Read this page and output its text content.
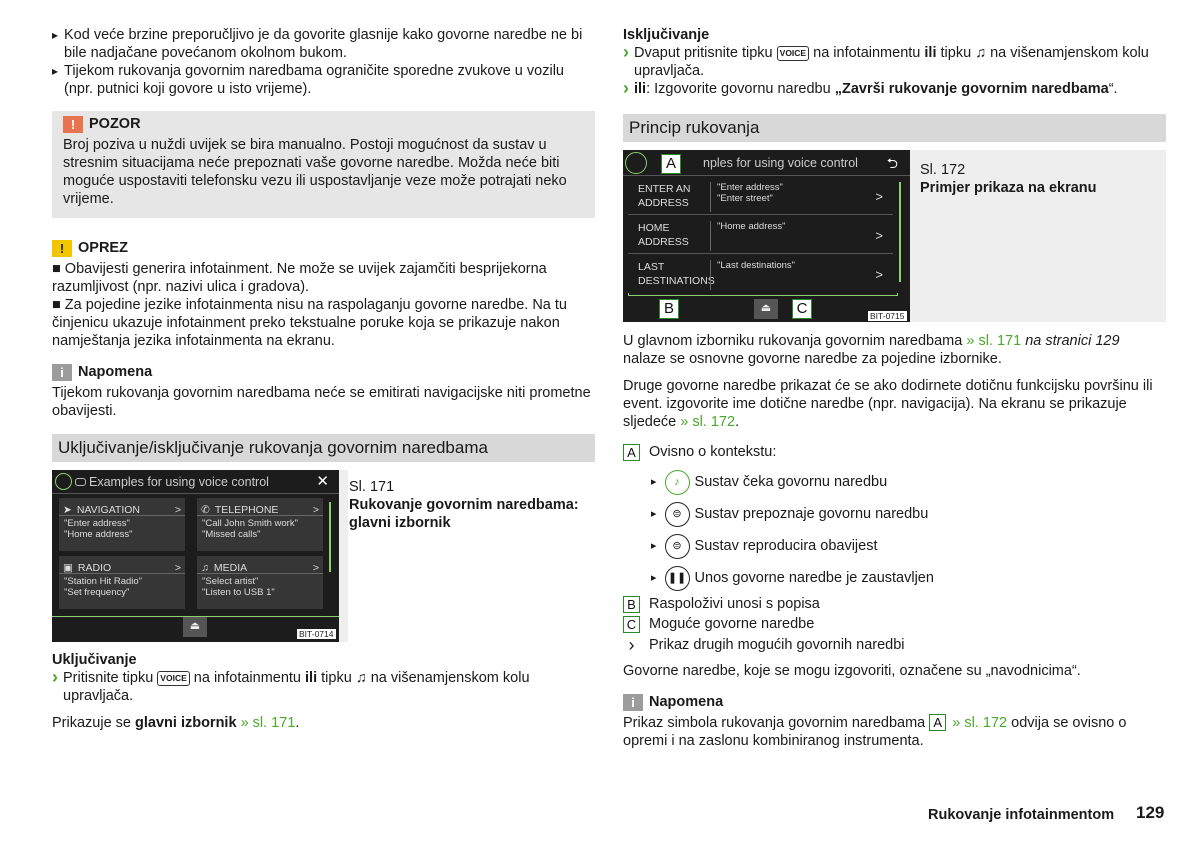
▸ Kod veće brzine preporučljivo je da govorite glasnije kako govorne naredbe ne bi bile nadjačane povećanom okolnom bukom.
▸ Tijekom rukovanja govornim naredbama ograničite sporedne zvukove u vozilu (npr. putnici koji govore u isto vrijeme).
! POZOR
Broj poziva u nuždi uvijek se bira manualno. Postoji mogućnost da sustav u stresnim situacijama neće prepoznati vaše govorne naredbe. Možda neće biti moguće uspostaviti telefonsku vezu ili uspostavljanje veze može potrajati neko vrijeme.
! OPREZ
■ Obavijesti generira infotainment. Ne može se uvijek zajamčiti besprijekorna razumljivost (npr. nazivi ulica i gradova).
■ Za pojedine jezike infotainmenta nisu na raspolaganju govorne naredbe. Na tu činjenicu ukazuje infotainment preko tekstualne poruke koja se prikazuje nakon namještanja jezika infotainmenta na ekranu.
i Napomena
Tijekom rukovanja govornim naredbama neće se emitirati navigacijske niti prometne obavijesti.
Uključivanje/isključivanje rukovanja govornim naredbama
Examples for using voice control	✕
➤ NAVIGATION	>
"Enter address"
"Home address"
✆ TELEPHONE	>
"Call John Smith work"
"Missed calls"
▣ RADIO	>
"Station Hit Radio"
"Set frequency"
♫ MEDIA	>
"Select artist"
"Listen to USB 1"
⏏
BIT-0714
Sl. 171
Rukovanje govornim naredbama: glavni izbornik
Uključivanje
› Pritisnite tipku VOICE na infotainmentu ili tipku ♫ na višenamjenskom kolu upravljača.
Prikazuje se glavni izbornik » sl. 171.
Isključivanje
› Dvaput pritisnite tipku VOICE na infotainmentu ili tipku ♫ na višenamjenskom kolu upravljača.
› ili: Izgovorite govornu naredbu „Završi rukovanje govornim naredbama“.
Princip rukovanja
nples for using voice control ⮌
A
ENTER AN
ADDRESS
"Enter address"
"Enter street"	>
HOME
ADDRESS
"Home address"
>
LAST
DESTINATIONS
"Last destinations"
>
⏏
B	C	BIT-0715
Sl. 172
Primjer prikaza na ekranu
U glavnom izborniku rukovanja govornim naredbama » sl. 171 na stranici 129 nalaze se osnovne govorne naredbe za pojedine izbornike.
Druge govorne naredbe prikazat će se ako dodirnete dotičnu funkcijsku površinu ili event. izgovorite ime dotične naredbe (npr. navigacija). Na ekranu se prikazuje sljedeće » sl. 172.
A Ovisno o kontekstu:
▸	♪	Sustav čeka govornu naredbu
▸	⊜ Sustav prepoznaje govornu naredbu
▸	⊜ Sustav reproducira obavijest
▸ ❚❚ Unos govorne naredbe je zaustavljen
B Raspoloživi unosi s popisa
C Moguće govorne naredbe
›	Prikaz drugih mogućih govornih naredbi
Govorne naredbe, koje se mogu izgovoriti, označene su „navodnicima“.
i Napomena
Prikaz simbola rukovanja govornim naredbama A » sl. 172 odvija se ovisno o opremi i na zaslonu kombiniranog instrumenta.
Rukovanje infotainmentom 129
